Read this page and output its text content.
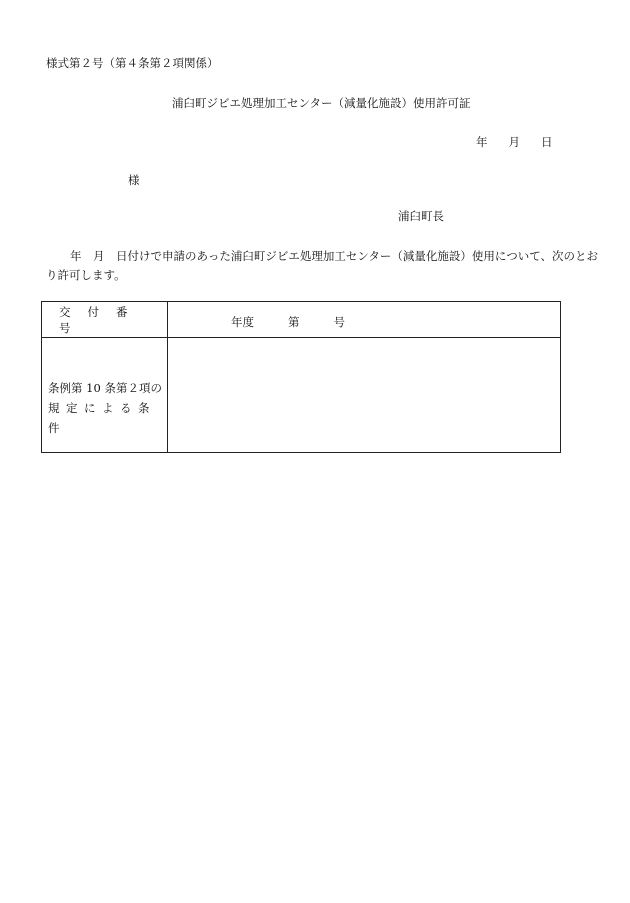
様式第２号（第４条第２項関係）
浦臼町ジビエ処理加工センター（減量化施設）使用許可証
年 月 日
様
浦臼町長
年　月　日付けで申請のあった浦臼町ジビエ処理加工センター（減量化施設）使用について、次のとおり許可します。
交付番号	年度	第	号
条例第 10 条第２項の
規定による条件
